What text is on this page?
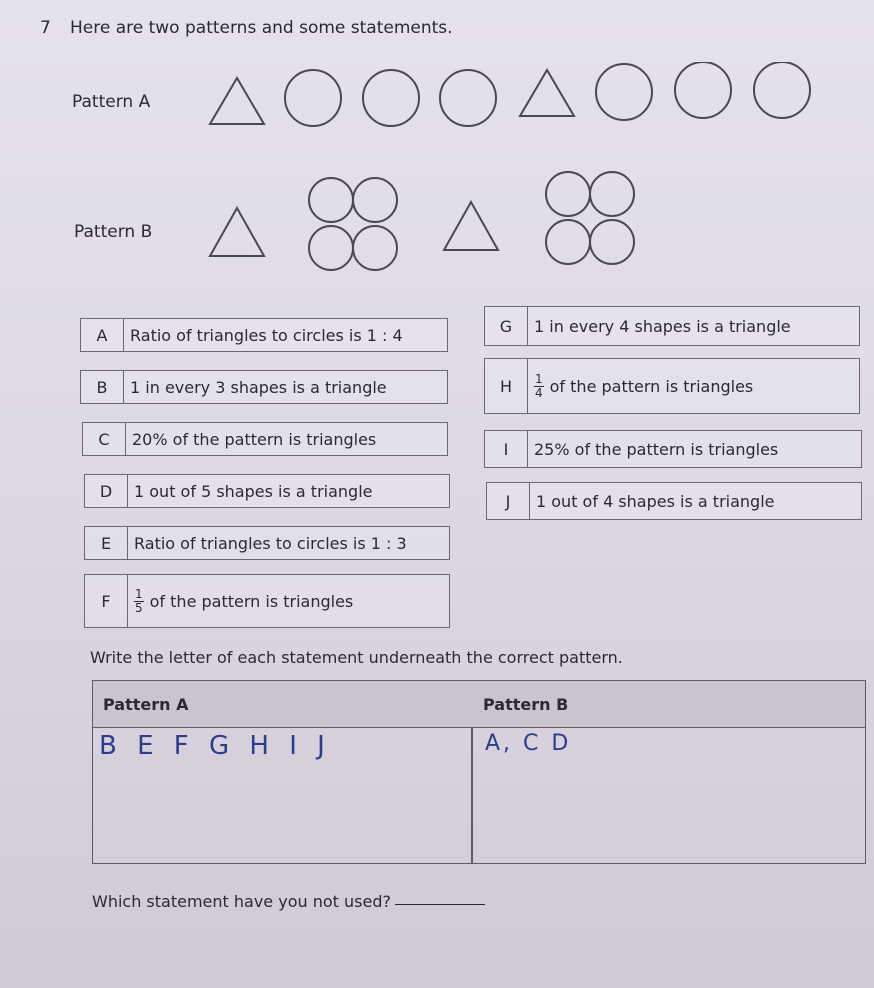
7 Here are two patterns and some statements.
Pattern A
Pattern B
A	Ratio of triangles to circles is 1 : 4
B	1 in every 3 shapes is a triangle
C	20% of the pattern is triangles
D	1 out of 5 shapes is a triangle
E	Ratio of triangles to circles is 1 : 3
F	$\frac{1}{5}$ of the pattern is triangles
G	1 in every 4 shapes is a triangle
H	$\frac{1}{4}$ of the pattern is triangles
I	25% of the pattern is triangles
J	1 out of 4 shapes is a triangle
Write the letter of each statement underneath the correct pattern.
Pattern A	Pattern B
B E F G H I J	A, C D
Which statement have you not used?
